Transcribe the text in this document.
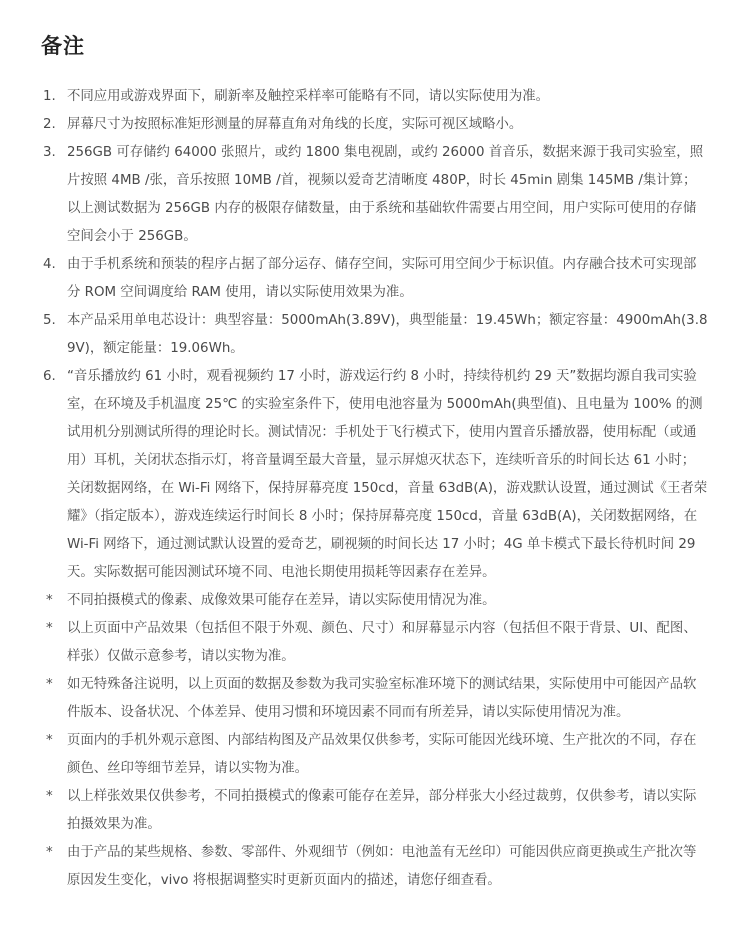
备注
1. 不同应用或游戏界面下，刷新率及触控采样率可能略有不同，请以实际使用为准。
2. 屏幕尺寸为按照标准矩形测量的屏幕直角对角线的长度，实际可视区域略小。
3. 256GB 可存储约 64000 张照片，或约 1800 集电视剧，或约 26000 首音乐，数据来源于我司实验室，照片按照 4MB /张，音乐按照 10MB /首，视频以爱奇艺清晰度 480P，时长 45min 剧集 145MB /集计算；以上测试数据为 256GB 内存的极限存储数量，由于系统和基础软件需要占用空间，用户实际可使用的存储空间会小于 256GB。
4. 由于手机系统和预装的程序占据了部分运存、储存空间，实际可用空间少于标识值。内存融合技术可实现部分 ROM 空间调度给 RAM 使用，请以实际使用效果为准。
5. 本产品采用单电芯设计：典型容量：5000mAh(3.89V)，典型能量：19.45Wh；额定容量：4900mAh(3.89V)，额定能量：19.06Wh。
6. “音乐播放约 61 小时，观看视频约 17 小时，游戏运行约 8 小时，持续待机约 29 天”数据均源自我司实验室，在环境及手机温度 25℃ 的实验室条件下，使用电池容量为 5000mAh(典型值)、且电量为 100% 的测试用机分别测试所得的理论时长。测试情况：手机处于飞行模式下，使用内置音乐播放器，使用标配（或通用）耳机，关闭状态指示灯，将音量调至最大音量，显示屏熄灭状态下，连续听音乐的时间长达 61 小时；关闭数据网络，在 Wi-Fi 网络下，保持屏幕亮度 150cd，音量 63dB(A)，游戏默认设置，通过测试《王者荣耀》（指定版本），游戏连续运行时间长 8 小时；保持屏幕亮度 150cd，音量 63dB(A)，关闭数据网络，在 Wi-Fi 网络下，通过测试默认设置的爱奇艺，刷视频的时间长达 17 小时；4G 单卡模式下最长待机时间 29 天。实际数据可能因测试环境不同、电池长期使用损耗等因素存在差异。
*	不同拍摄模式的像素、成像效果可能存在差异，请以实际使用情况为准。
*	以上页面中产品效果（包括但不限于外观、颜色、尺寸）和屏幕显示内容（包括但不限于背景、UI、配图、样张）仅做示意参考，请以实物为准。
*	如无特殊备注说明，以上页面的数据及参数为我司实验室标准环境下的测试结果，实际使用中可能因产品软件版本、设备状况、个体差异、使用习惯和环境因素不同而有所差异，请以实际使用情况为准。
*	页面内的手机外观示意图、内部结构图及产品效果仅供参考，实际可能因光线环境、生产批次的不同，存在颜色、丝印等细节差异，请以实物为准。
*	以上样张效果仅供参考，不同拍摄模式的像素可能存在差异，部分样张大小经过裁剪，仅供参考，请以实际拍摄效果为准。
*	由于产品的某些规格、参数、零部件、外观细节（例如：电池盖有无丝印）可能因供应商更换或生产批次等原因发生变化，vivo 将根据调整实时更新页面内的描述，请您仔细查看。
